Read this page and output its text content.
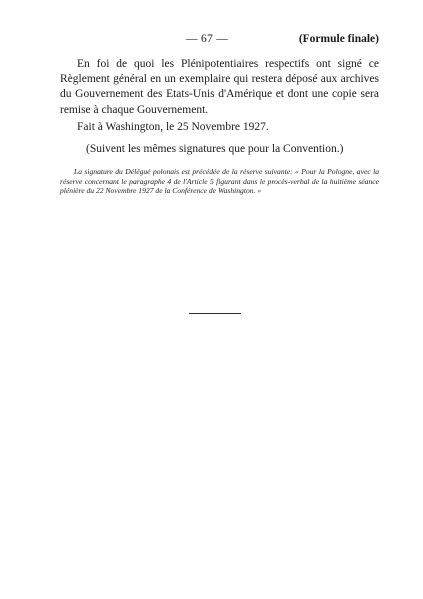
— 67 —	(Formule finale)

En foi de quoi les Plénipotentiaires respectifs ont signé ce Règlement général en un exemplaire qui restera déposé aux archives du Gouvernement des Etats-Unis d'Amérique et dont une copie sera remise à chaque Gouvernement.

Fait à Washington, le 25 Novembre 1927.
(Suivent les mêmes signatures que pour la Convention.)

La signature du Délégué polonais est précédée de la réserve suivante: « Pour la Pologne, avec la réserve concernant le paragraphe 4 de l'Article 5 figurant dans le procès-verbal de la huitième séance plénière du 22 Novembre 1927 de la Conférence de Washington. »
